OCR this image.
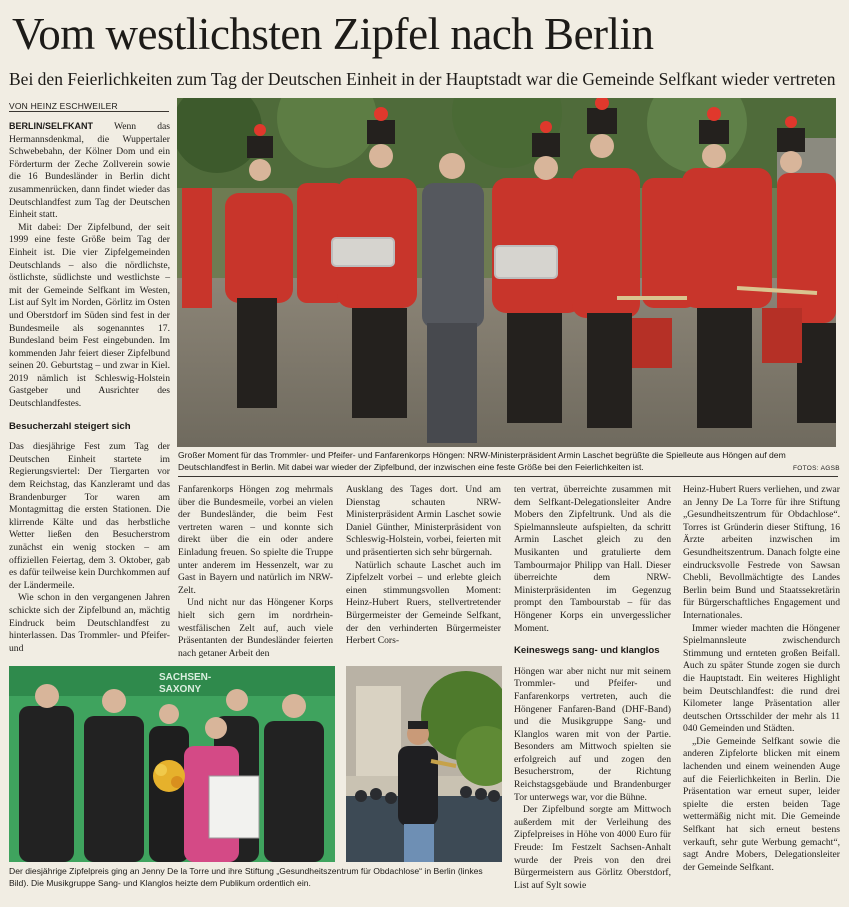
Vom westlichsten Zipfel nach Berlin
Bei den Feierlichkeiten zum Tag der Deutschen Einheit in der Hauptstadt war die Gemeinde Selfkant wieder vertreten
VON HEINZ ESCHWEILER

BERLIN/SELFKANT Wenn das Hermannsdenkmal, die Wuppertaler Schwebebahn, der Kölner Dom und ein Förderturm der Zeche Zollverein sowie die 16 Bundesländer in Berlin dicht zusammenrücken, dann findet wieder das Deutschlandfest zum Tag der Deutschen Einheit statt.

Mit dabei: Der Zipfelbund, der seit 1999 eine feste Größe beim Tag der Einheit ist. Die vier Zipfelgemeinden Deutschlands – also die nördlichste, östlichste, südlichste und westlichste – mit der Gemeinde Selfkant im Westen, List auf Sylt im Norden, Görlitz im Osten und Oberstdorf im Süden sind fest in der Bundesmeile als sogenanntes 17. Bundesland beim Fest eingebunden. Im kommenden Jahr feiert dieser Zipfelbund seinen 20. Geburtstag – und zwar in Kiel. 2019 nämlich ist Schleswig-Holstein Gastgeber und Ausrichter des Deutschlandfestes.

Besucherzahl steigert sich

Das diesjährige Fest zum Tag der Deutschen Einheit startete im Regierungsviertel: Der Tiergarten vor dem Reichstag, das Kanzleramt und das Brandenburger Tor waren am Montagmittag die ersten Stationen. Die klirrende Kälte und das herbstliche Wetter ließen den Besucherstrom zunächst ein wenig stocken – am offiziellen Feiertag, dem 3. Oktober, gab es dafür teilweise kein Durchkommen auf der Ländermeile.

Wie schon in den vergangenen Jahren schickte sich der Zipfelbund an, mächtig Eindruck beim Deutschlandfest zu hinterlassen. Das Trommler- und Pfeifer- und

Großer Moment für das Trommler- und Pfeifer- und Fanfarenkorps Höngen: NRW-Ministerpräsident Armin Laschet begrüßte die Spielleute aus Höngen auf dem Deutschlandfest in Berlin. Mit dabei war wieder der Zipfelbund, der inzwischen eine feste Größe bei den Feierlichkeiten ist.	FOTOS: AGSB

Fanfarenkorps Höngen zog mehrmals über die Bundesmeile, vorbei an vielen der Bundesländer, die beim Fest vertreten waren – und konnte sich direkt über die ein oder andere Einladung freuen. So spielte die Truppe unter anderem im Hessenzelt, war zu Gast in Bayern und natürlich im NRW-Zelt.

Und nicht nur das Höngener Korps hielt sich gern im nordrhein-westfälischen Zelt auf, auch viele Präsentanten der Bundesländer feierten nach getaner Arbeit den

Ausklang des Tages dort. Und am Dienstag schauten NRW-Ministerpräsident Armin Laschet sowie Daniel Günther, Ministerpräsident von Schleswig-Holstein, vorbei, feierten mit und präsentierten sich sehr bürgernah.

Natürlich schaute Laschet auch im Zipfelzelt vorbei – und erlebte gleich einen stimmungsvollen Moment: Heinz-Hubert Ruers, stellvertretender Bürgermeister der Gemeinde Selfkant, der den verhinderten Bürgermeister Herbert Cors-

ten vertrat, überreichte zusammen mit dem Selfkant-Delegationsleiter Andre Mobers den Zipfeltrunk. Und als die Spielmannsleute aufspielten, da schritt Armin Laschet gleich zu den Musikanten und gratulierte dem Tambourmajor Philipp van Hall. Dieser überreichte dem NRW-Ministerpräsidenten im Gegenzug prompt den Tambourstab – für das Höngener Korps ein unvergesslicher Moment.

Keineswegs sang- und klanglos

Höngen war aber nicht nur mit seinem Trommler- und Pfeifer- und Fanfarenkorps vertreten, auch die Höngener Fanfaren-Band (DHF-Band) und die Musikgruppe Sang- und Klanglos waren mit von der Partie. Besonders am Mittwoch spielten sie erfolgreich auf und zogen den Besucherstrom, der Richtung Reichstagsgebäude und Brandenburger Tor unterwegs war, vor die Bühne.

Der Zipfelbund sorgte am Mittwoch außerdem mit der Verleihung des Zipfelpreises in Höhe von 4000 Euro für Freude: Im Festzelt Sachsen-Anhalt wurde der Preis von den drei Bürgermeistern aus Görlitz Oberstdorf, List auf Sylt sowie

Heinz-Hubert Ruers verliehen, und zwar an Jenny De La Torre für ihre Stiftung „Gesundheitszentrum für Obdachlose“. Torres ist Gründerin dieser Stiftung, 16 Ärzte arbeiten inzwischen im Gesundheitszentrum. Danach folgte eine eindrucksvolle Festrede von Sawsan Chebli, Bevollmächtigte des Landes Berlin beim Bund und Staatssekretärin für Bürgerschaftliches Engagement und Internationales.

Immer wieder machten die Höngener Spielmannsleute zwischendurch Stimmung und ernteten großen Beifall. Auch zu später Stunde zogen sie durch die Hauptstadt. Ein weiteres Highlight beim Deutschlandfest: die rund drei Kilometer lange Präsentation aller deutschen Ortsschilder der mehr als 11 040 Gemeinden und Städten.

„Die Gemeinde Selfkant sowie die anderen Zipfelorte blicken mit einem lachenden und einem weinenden Auge auf die Feierlichkeiten in Berlin. Die Präsentation war erneut super, leider spielte die ersten beiden Tage wettermäßig nicht mit. Die Gemeinde Selfkant hat sich erneut bestens verkauft, sehr gute Werbung gemacht“, sagt Andre Mobers, Delegationsleiter der Gemeinde Selfkant.

SACHSEN-
SAXONY
Der diesjährige Zipfelpreis ging an Jenny De la Torre und ihre Stiftung „Gesundheitszentrum für Obdachlose“ in Berlin (linkes Bild). Die Musikgruppe Sang- und Klanglos heizte dem Publikum ordentlich ein.
